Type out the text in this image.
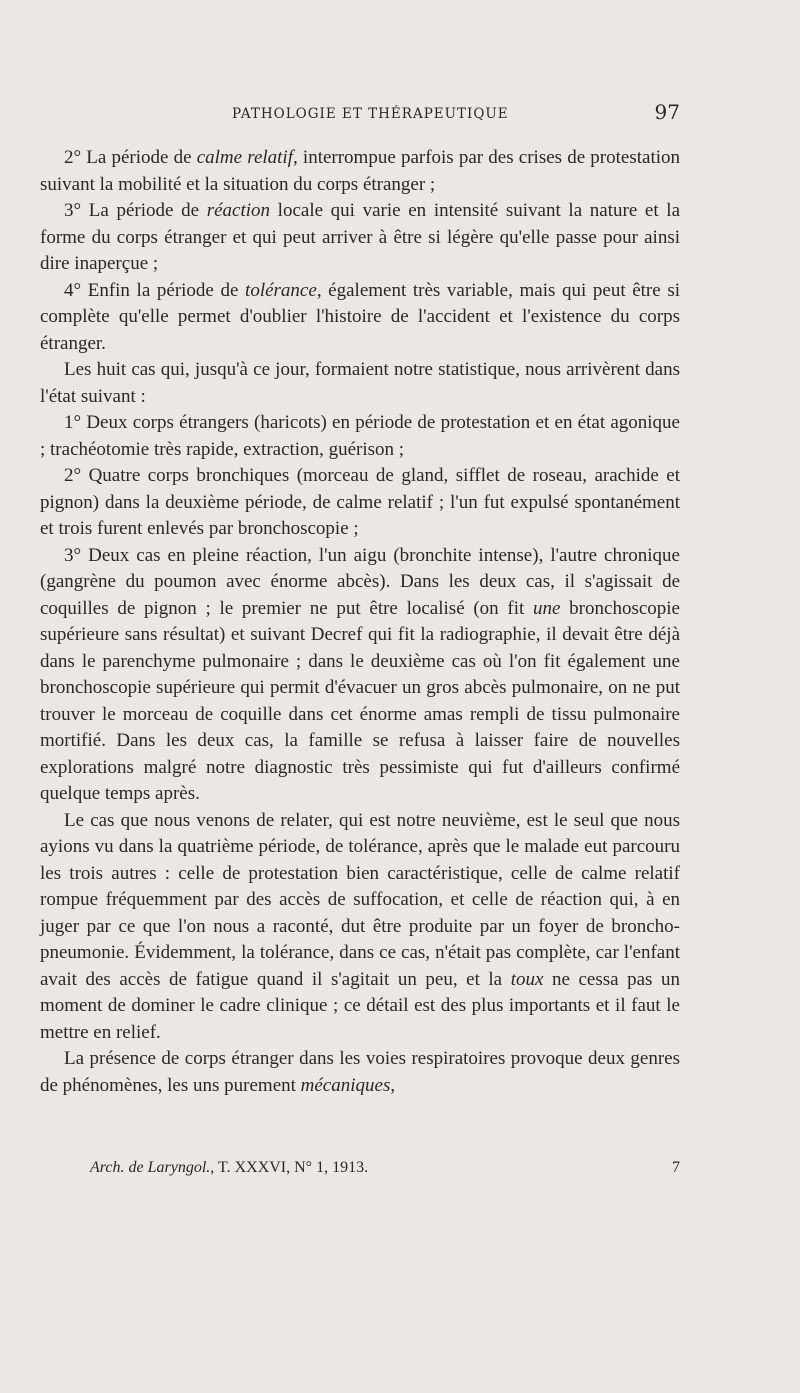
PATHOLOGIE ET THÉRAPEUTIQUE	97

2° La période de calme relatif, interrompue parfois par des crises de protestation suivant la mobilité et la situation du corps étranger ;

3° La période de réaction locale qui varie en intensité suivant la nature et la forme du corps étranger et qui peut arriver à être si légère qu'elle passe pour ainsi dire inaperçue ;

4° Enfin la période de tolérance, également très variable, mais qui peut être si complète qu'elle permet d'oublier l'histoire de l'accident et l'existence du corps étranger.

Les huit cas qui, jusqu'à ce jour, formaient notre statistique, nous arrivèrent dans l'état suivant :

1° Deux corps étrangers (haricots) en période de protestation et en état agonique ; trachéotomie très rapide, extraction, guérison ;

2° Quatre corps bronchiques (morceau de gland, sifflet de roseau, arachide et pignon) dans la deuxième période, de calme relatif ; l'un fut expulsé spontanément et trois furent enlevés par bronchoscopie ;

3° Deux cas en pleine réaction, l'un aigu (bronchite intense), l'autre chronique (gangrène du poumon avec énorme abcès). Dans les deux cas, il s'agissait de coquilles de pignon ; le premier ne put être localisé (on fit une bronchoscopie supérieure sans résultat) et suivant Decref qui fit la radiographie, il devait être déjà dans le parenchyme pulmonaire ; dans le deuxième cas où l'on fit également une bronchoscopie supérieure qui permit d'évacuer un gros abcès pulmonaire, on ne put trouver le morceau de coquille dans cet énorme amas rempli de tissu pulmonaire mortifié. Dans les deux cas, la famille se refusa à laisser faire de nouvelles explorations malgré notre diagnostic très pessimiste qui fut d'ailleurs confirmé quelque temps après.

Le cas que nous venons de relater, qui est notre neuvième, est le seul que nous ayions vu dans la quatrième période, de tolérance, après que le malade eut parcouru les trois autres : celle de protestation bien caractéristique, celle de calme relatif rompue fréquemment par des accès de suffocation, et celle de réaction qui, à en juger par ce que l'on nous a raconté, dut être produite par un foyer de broncho-pneumonie. Évidemment, la tolérance, dans ce cas, n'était pas complète, car l'enfant avait des accès de fatigue quand il s'agitait un peu, et la toux ne cessa pas un moment de dominer le cadre clinique ; ce détail est des plus importants et il faut le mettre en relief.

La présence de corps étranger dans les voies respiratoires provoque deux genres de phénomènes, les uns purement mécaniques,

Arch. de Laryngol., T. XXXVI, N° 1, 1913.	7
